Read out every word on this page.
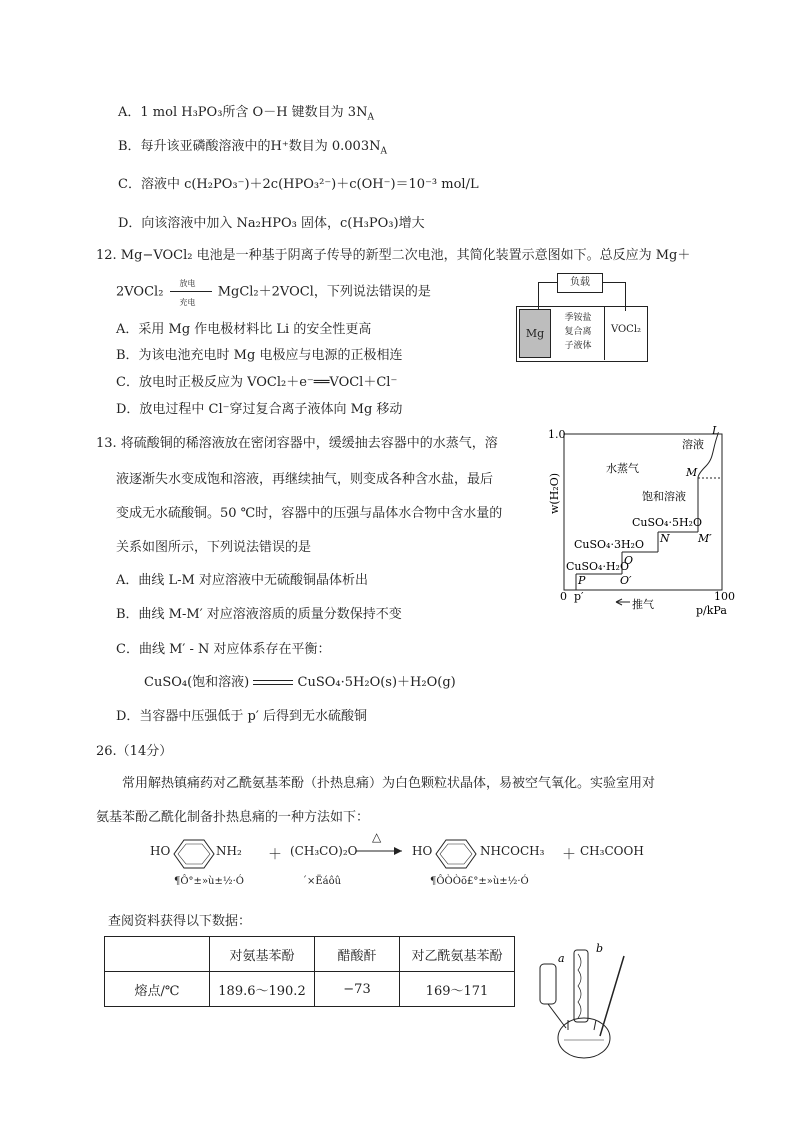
A．1 mol H₃PO₃所含 O－H 键数目为 $3N_A$
B．每升该亚磷酸溶液中的H⁺数目为 $0.003N_A$
C．溶液中 c(H₂PO₃⁻)＋2c(HPO₃²⁻)＋c(OH⁻)＝10⁻³ mol/L
D．向该溶液中加入 Na₂HPO₃ 固体，c(H₃PO₃)增大
12. Mg−VOCl₂ 电池是一种基于阴离子传导的新型二次电池，其简化装置示意图如下。总反应为 Mg＋
2VOCl₂
放电
充电
MgCl₂＋2VOCl，下列说法错误的是
A．采用 Mg 作电极材料比 Li 的安全性更高
B．为该电池充电时 Mg 电极应与电源的正极相连
C．放电时正极反应为 VOCl₂＋e⁻══VOCl＋Cl⁻
D．放电过程中 Cl⁻穿过复合离子液体向 Mg 移动
负载
Mg
季铵盐
复合离
子液体
VOCl₂
13. 将硫酸铜的稀溶液放在密闭容器中，缓缓抽去容器中的水蒸气，溶
液逐渐失水变成饱和溶液，再继续抽气，则变成各种含水盐，最后
变成无水硫酸铜。50 ℃时，容器中的压强与晶体水合物中含水量的
关系如图所示，下列说法错误的是
A．曲线 L-M 对应溶液中无硫酸铜晶体析出
B．曲线 M-M′ 对应溶液溶质的质量分数保持不变
C．曲线 M′ - N 对应体系存在平衡：
CuSO₄(饱和溶液)	CuSO₄·5H₂O(s)＋H₂O(g)
D．当容器中压强低于 p′ 后得到无水硫酸铜
1.0
w(H₂O)
0 p′	100
p/kPa
推气
L
溶液
水蒸气	M
饱和溶液
CuSO₄·5H₂O
M′
N
CuSO₄·3H₂O
O
CuSO₄·H₂O
O′
P
26.（14分）
常用解热镇痛药对乙酰氨基苯酚（扑热息痛）为白色颗粒状晶体，易被空气氧化。实验室用对
氨基苯酚乙酰化制备扑热息痛的一种方法如下：
HO	NH₂ ＋ (CH₃CO)₂O
△
HO	NHCOCH₃ ＋ CH₃COOH
¶Ô°±»ù±½·Ó	´×Ëáôû	¶ÔÒÒõ£°±»ù±½·Ó
查阅资料获得以下数据：
	对氨基苯酚	醋酸酐	对乙酰氨基苯酚
熔点/℃	189.6～190.2	−73	169～171
a
b
